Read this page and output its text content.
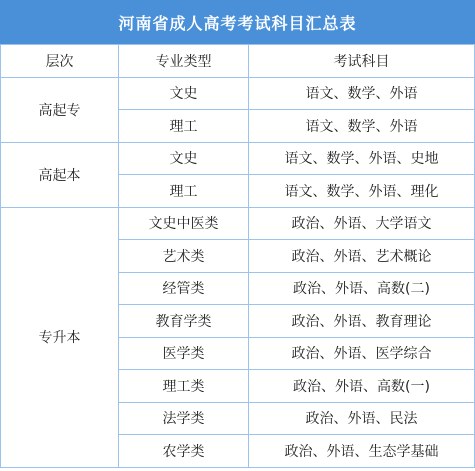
河南省成人高考考试科目汇总表
层次	专业类型	考试科目
高起专	文史	语文、数学、外语
	理工	语文、数学、外语
高起本	文史	语文、数学、外语、史地
	理工	语文、数学、外语、理化
专升本	文史中医类	政治、外语、大学语文
	艺术类	政治、外语、艺术概论
	经管类	政治、外语、高数(二)
	教育学类	政治、外语、教育理论
	医学类	政治、外语、医学综合
	理工类	政治、外语、高数(一)
	法学类	政治、外语、民法
	农学类	政治、外语、生态学基础
